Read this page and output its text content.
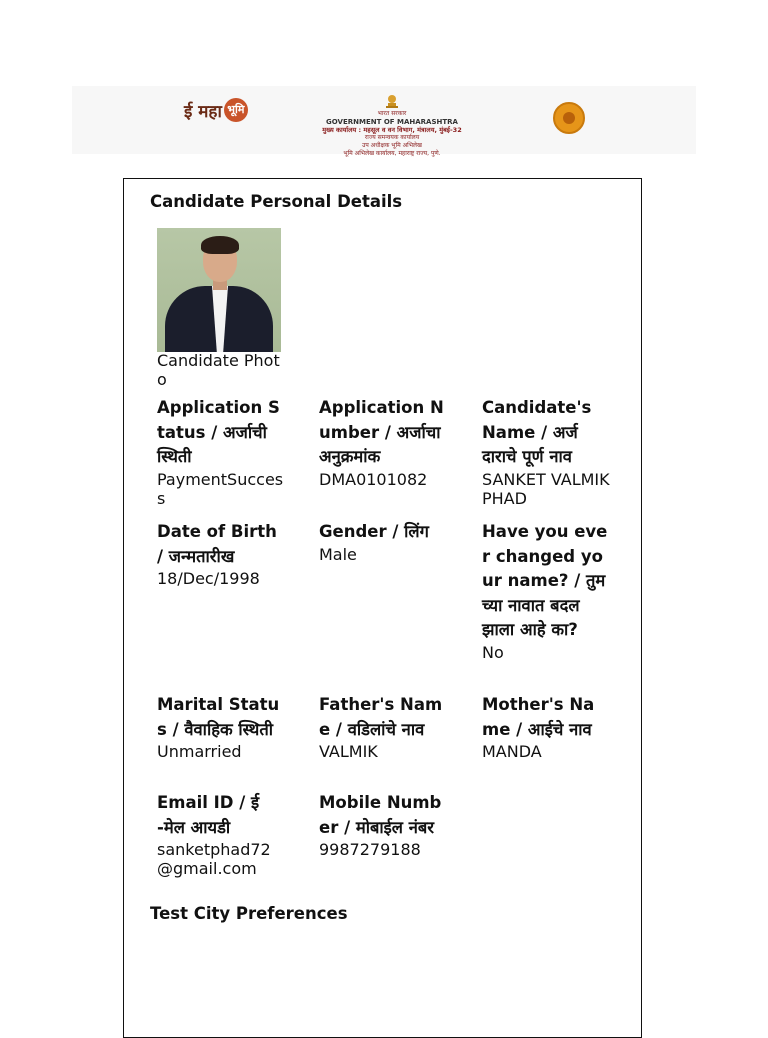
ई महा भूमि	भारत सरकार
GOVERNMENT OF MAHARASHTRA
मुख्य कार्यालय : महसूल व वन विभाग, मंत्रालय, मुंबई-32
राज्य समन्वयक कार्यालय
उप अधीक्षक भूमि अभिलेख
भूमि अभिलेख कार्यालय, महाराष्ट्र राज्य, पुणे.
Candidate Personal Details
Candidate Photo
Application Status / अर्जाची स्थिती
PaymentSuccess
Application Number / अर्जाचा अनुक्रमांक
DMA0101082
Candidate's Name / अर्जदाराचे पूर्ण नाव
SANKET VALMIK PHAD
Date of Birth / जन्मतारीख
18/Dec/1998
Gender / लिंग
Male
Have you ever changed your name? / तुमच्या नावात बदल झाला आहे का?
No
Marital Status / वैवाहिक स्थिती
Unmarried
Father's Name / वडिलांचे नाव
VALMIK
Mother's Name / आईचे नाव
MANDA
Email ID / ई -मेल आयडी
sanketphad72@gmail.com
Mobile Number / मोबाईल नंबर
9987279188
Test City Preferences
